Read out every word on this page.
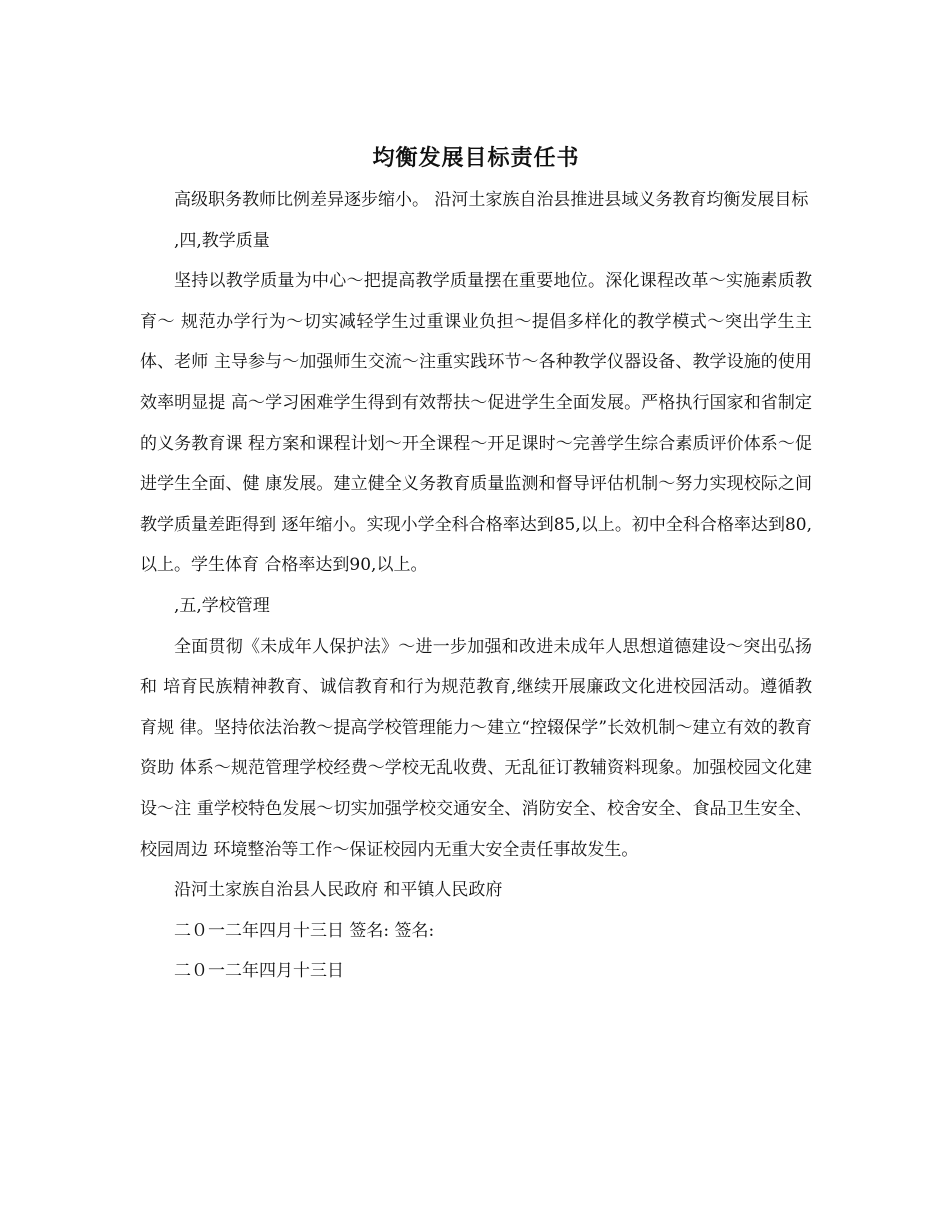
均衡发展目标责任书

高级职务教师比例差异逐步缩小。 沿河土家族自治县推进县域义务教育均衡发展目标

,四,教学质量

坚持以教学质量为中心～把提高教学质量摆在重要地位。深化课程改革～实施素质教育～ 规范办学行为～切实减轻学生过重课业负担～提倡多样化的教学模式～突出学生主体、老师 主导参与～加强师生交流～注重实践环节～各种教学仪器设备、教学设施的使用效率明显提 高～学习困难学生得到有效帮扶～促进学生全面发展。严格执行国家和省制定的义务教育课 程方案和课程计划～开全课程～开足课时～完善学生综合素质评价体系～促进学生全面、健 康发展。建立健全义务教育质量监测和督导评估机制～努力实现校际之间教学质量差距得到 逐年缩小。实现小学全科合格率达到85,以上。初中全科合格率达到80,以上。学生体育 合格率达到90,以上。

,五,学校管理

全面贯彻《未成年人保护法》～进一步加强和改进未成年人思想道德建设～突出弘扬和 培育民族精神教育、诚信教育和行为规范教育,继续开展廉政文化进校园活动。遵循教育规 律。坚持依法治教～提高学校管理能力～建立“控辍保学”长效机制～建立有效的教育资助 体系～规范管理学校经费～学校无乱收费、无乱征订教辅资料现象。加强校园文化建设～注 重学校特色发展～切实加强学校交通安全、消防安全、校舍安全、食品卫生安全、校园周边 环境整治等工作～保证校园内无重大安全责任事故发生。

沿河土家族自治县人民政府 和平镇人民政府

二０一二年四月十三日 签名: 签名:

二０一二年四月十三日
